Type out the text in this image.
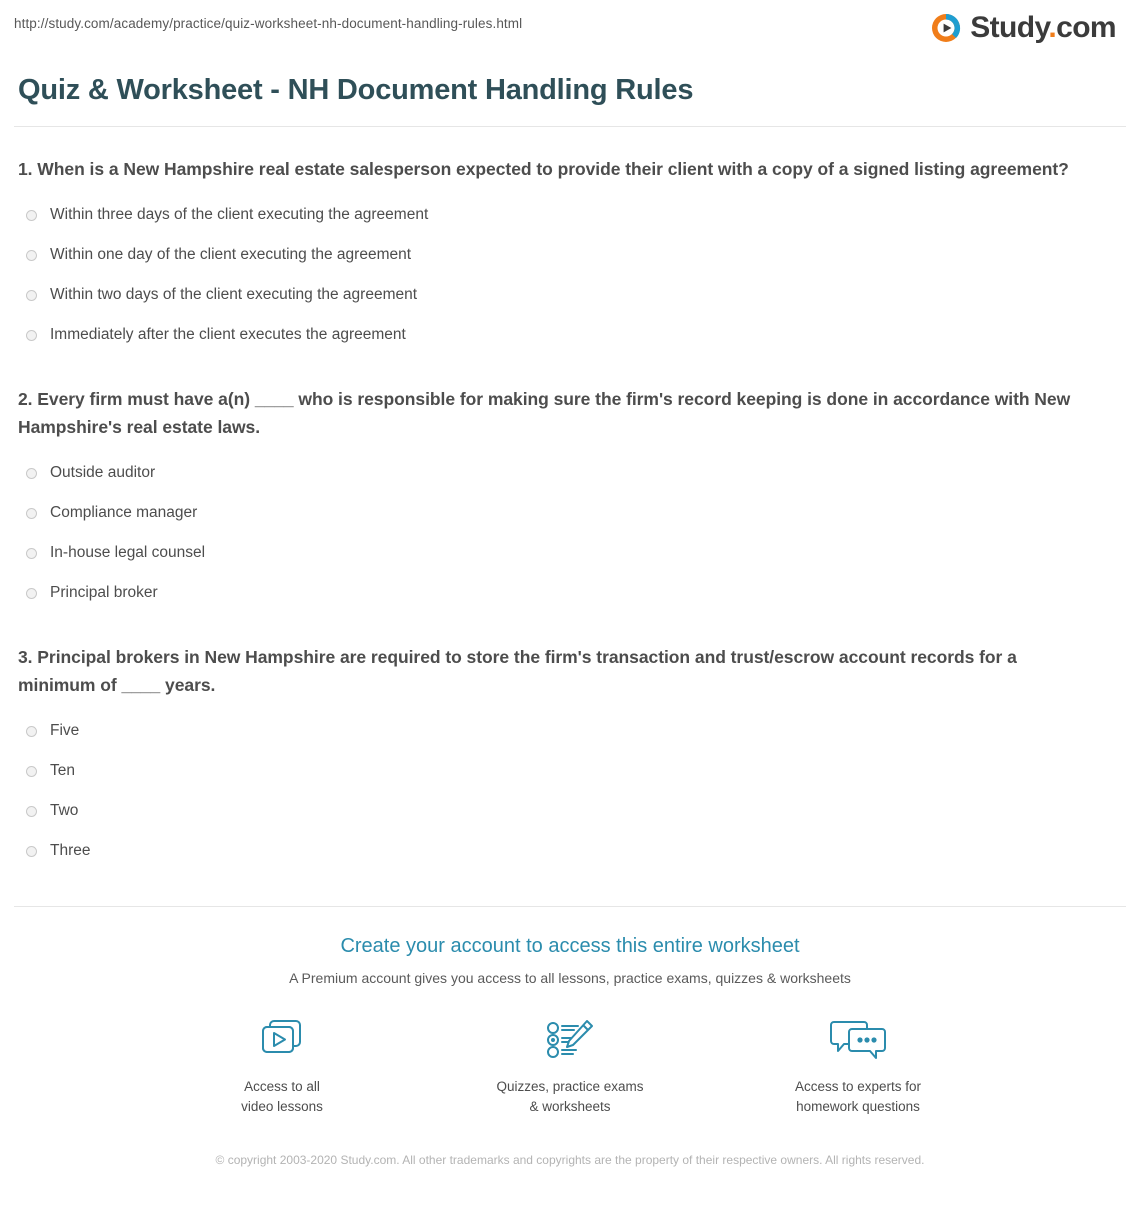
http://study.com/academy/practice/quiz-worksheet-nh-document-handling-rules.html	Study.com
Quiz & Worksheet - NH Document Handling Rules
1. When is a New Hampshire real estate salesperson expected to provide their client with a copy of a signed listing agreement?
Within three days of the client executing the agreement
Within one day of the client executing the agreement
Within two days of the client executing the agreement
Immediately after the client executes the agreement
2. Every firm must have a(n) ____ who is responsible for making sure the firm's record keeping is done in accordance with New Hampshire's real estate laws.
Outside auditor
Compliance manager
In-house legal counsel
Principal broker
3. Principal brokers in New Hampshire are required to store the firm's transaction and trust/escrow account records for a minimum of ____ years.
Five
Ten
Two
Three
Create your account to access this entire worksheet
A Premium account gives you access to all lessons, practice exams, quizzes & worksheets
Access to all
video lessons
Quizzes, practice exams
& worksheets
Access to experts for
homework questions
© copyright 2003-2020 Study.com. All other trademarks and copyrights are the property of their respective owners. All rights reserved.
